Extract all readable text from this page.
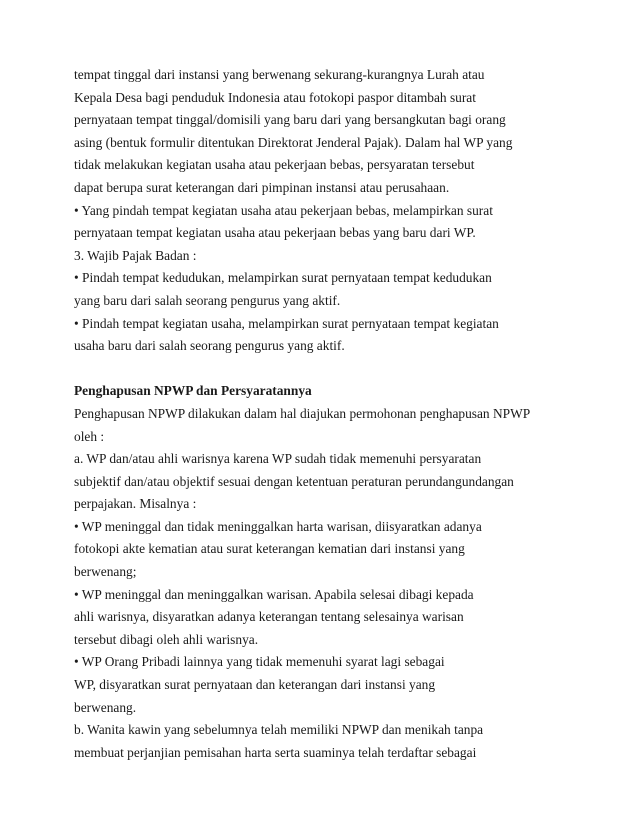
tempat tinggal dari instansi yang berwenang sekurang-kurangnya Lurah atau
Kepala Desa bagi penduduk Indonesia atau fotokopi paspor ditambah surat
pernyataan tempat tinggal/domisili yang baru dari yang bersangkutan bagi orang
asing (bentuk formulir ditentukan Direktorat Jenderal Pajak). Dalam hal WP yang
tidak melakukan kegiatan usaha atau pekerjaan bebas, persyaratan tersebut
dapat berupa surat keterangan dari pimpinan instansi atau perusahaan.
• Yang pindah tempat kegiatan usaha atau pekerjaan bebas, melampirkan surat
pernyataan tempat kegiatan usaha atau pekerjaan bebas yang baru dari WP.
3. Wajib Pajak Badan :
• Pindah tempat kedudukan, melampirkan surat pernyataan tempat kedudukan
yang baru dari salah seorang pengurus yang aktif.
• Pindah tempat kegiatan usaha, melampirkan surat pernyataan tempat kegiatan
usaha baru dari salah seorang pengurus yang aktif.
Penghapusan NPWP dan Persyaratannya
Penghapusan NPWP dilakukan dalam hal diajukan permohonan penghapusan NPWP
oleh :
a. WP dan/atau ahli warisnya karena WP sudah tidak memenuhi persyaratan
subjektif dan/atau objektif sesuai dengan ketentuan peraturan perundangundangan
perpajakan. Misalnya :
• WP meninggal dan tidak meninggalkan harta warisan, diisyaratkan adanya
fotokopi akte kematian atau surat keterangan kematian dari instansi yang
berwenang;
• WP meninggal dan meninggalkan warisan. Apabila selesai dibagi kepada
ahli warisnya, disyaratkan adanya keterangan tentang selesainya warisan
tersebut dibagi oleh ahli warisnya.
• WP Orang Pribadi lainnya yang tidak memenuhi syarat lagi sebagai
WP, disyaratkan surat pernyataan dan keterangan dari instansi yang
berwenang.
b. Wanita kawin yang sebelumnya telah memiliki NPWP dan menikah tanpa
membuat perjanjian pemisahan harta serta suaminya telah terdaftar sebagai
